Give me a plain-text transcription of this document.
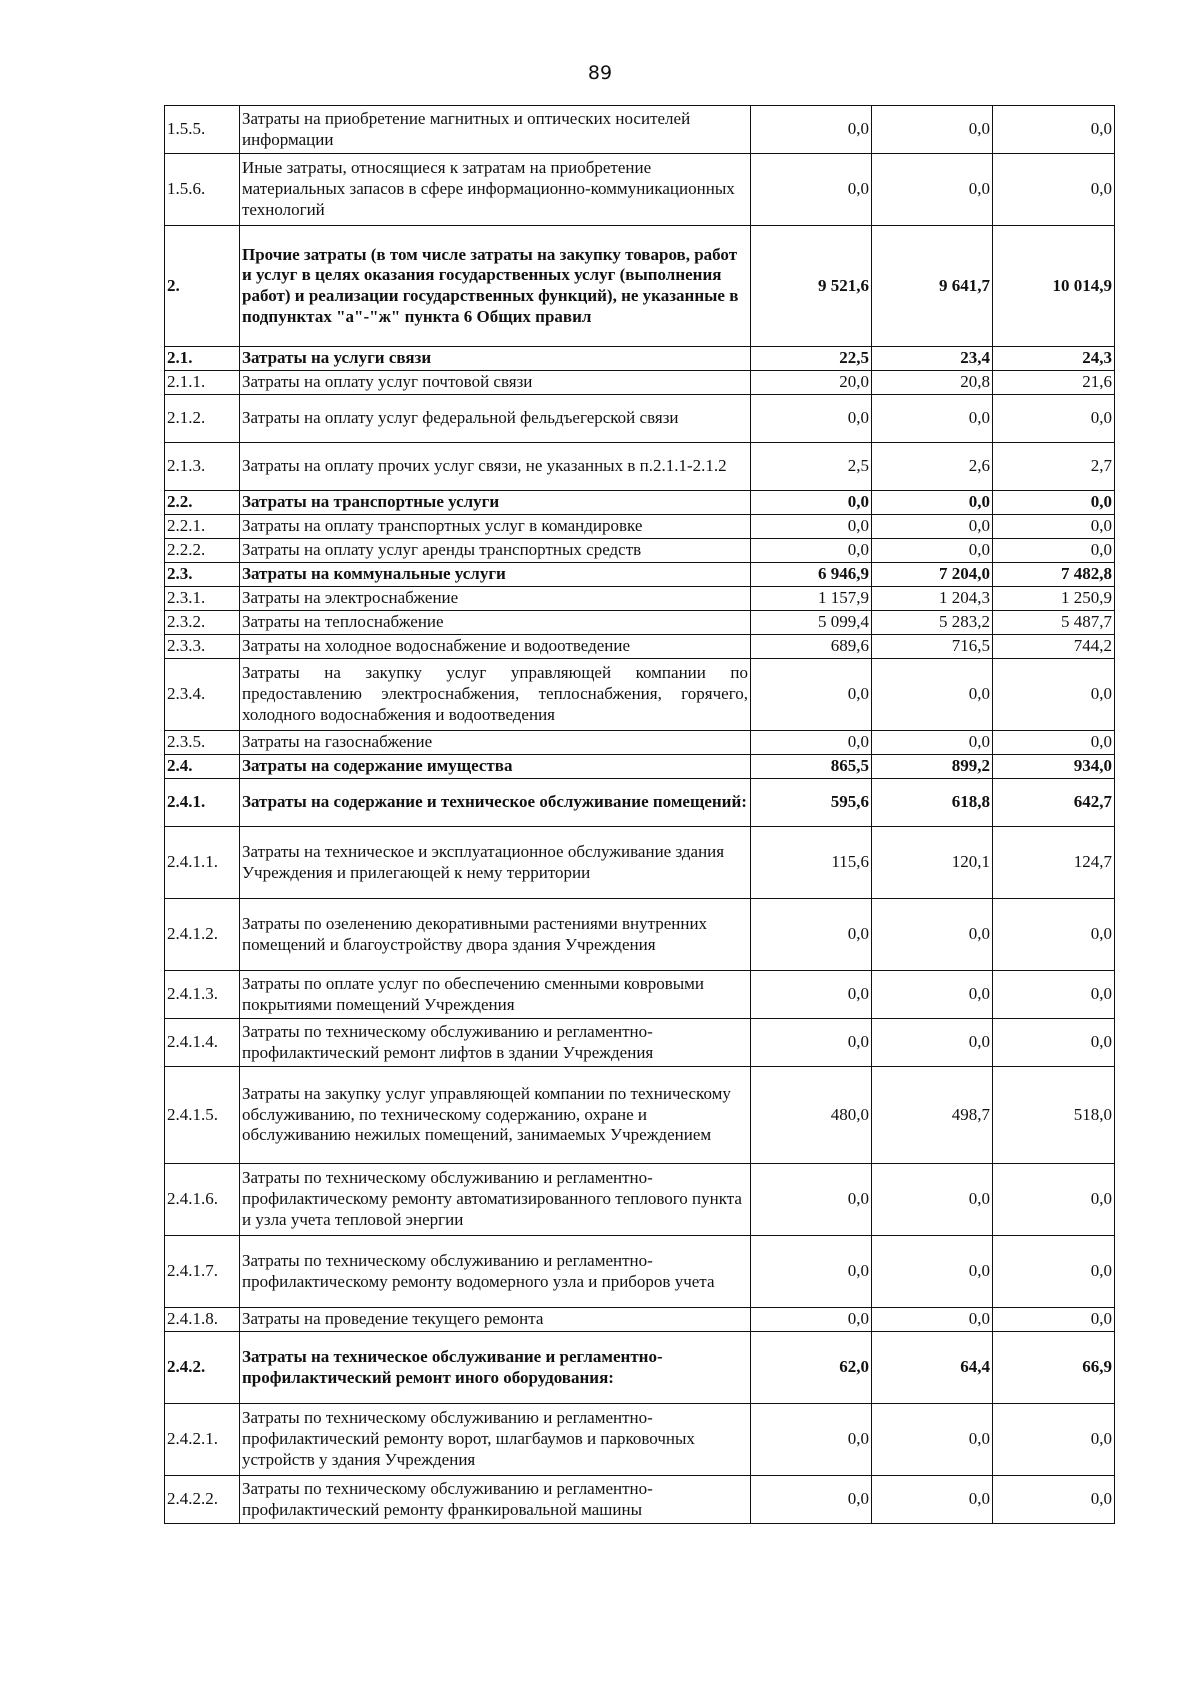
89
1.5.5.	Затраты на приобретение магнитных и оптических носителей информации	0,0	0,0	0,0
1.5.6.	Иные затраты, относящиеся к затратам на приобретение материальных запасов в сфере информационно-коммуникационных технологий	0,0	0,0	0,0
2.	Прочие затраты (в том числе затраты на закупку товаров, работ и услуг в целях оказания государственных услуг (выполнения работ) и реализации государственных функций), не указанные в подпунктах "а"-"ж" пункта 6 Общих правил	9 521,6	9 641,7	10 014,9
2.1.	Затраты на услуги связи	22,5	23,4	24,3
2.1.1.	Затраты на оплату услуг почтовой связи	20,0	20,8	21,6
2.1.2.	Затраты на оплату услуг федеральной фельдъегерской связи	0,0	0,0	0,0
2.1.3.	Затраты на оплату прочих услуг связи, не указанных в п.2.1.1-2.1.2	2,5	2,6	2,7
2.2.	Затраты на транспортные услуги	0,0	0,0	0,0
2.2.1.	Затраты на оплату транспортных услуг в командировке	0,0	0,0	0,0
2.2.2.	Затраты на оплату услуг аренды транспортных средств	0,0	0,0	0,0
2.3.	Затраты на коммунальные услуги	6 946,9	7 204,0	7 482,8
2.3.1.	Затраты на электроснабжение	1 157,9	1 204,3	1 250,9
2.3.2.	Затраты на теплоснабжение	5 099,4	5 283,2	5 487,7
2.3.3.	Затраты на холодное водоснабжение и водоотведение	689,6	716,5	744,2
2.3.4.	Затраты на закупку услуг управляющей компании по предоставлению электроснабжения, теплоснабжения, горячего, холодного водоснабжения и водоотведения	0,0	0,0	0,0
2.3.5.	Затраты на газоснабжение	0,0	0,0	0,0
2.4.	Затраты на содержание имущества	865,5	899,2	934,0
2.4.1.	Затраты на содержание и техническое обслуживание помещений:	595,6	618,8	642,7
2.4.1.1.	Затраты на техническое и эксплуатационное обслуживание здания Учреждения и прилегающей к нему территории	115,6	120,1	124,7
2.4.1.2.	Затраты по озеленению декоративными растениями внутренних помещений и благоустройству двора здания Учреждения	0,0	0,0	0,0
2.4.1.3.	Затраты по оплате услуг по обеспечению сменными ковровыми покрытиями помещений Учреждения	0,0	0,0	0,0
2.4.1.4.	Затраты по техническому обслуживанию и регламентно-профилактический ремонт лифтов в здании Учреждения	0,0	0,0	0,0
2.4.1.5.	Затраты на закупку услуг управляющей компании по техническому обслуживанию, по техническому содержанию, охране и обслуживанию нежилых помещений, занимаемых Учреждением	480,0	498,7	518,0
2.4.1.6.	Затраты по техническому обслуживанию и регламентно-профилактическому ремонту автоматизированного теплового пункта и узла учета тепловой энергии	0,0	0,0	0,0
2.4.1.7.	Затраты по техническому обслуживанию и регламентно-профилактическому ремонту водомерного узла и приборов учета	0,0	0,0	0,0
2.4.1.8.	Затраты на проведение текущего ремонта	0,0	0,0	0,0
2.4.2.	Затраты на техническое обслуживание и регламентно-профилактический ремонт иного оборудования:	62,0	64,4	66,9
2.4.2.1.	Затраты по техническому обслуживанию и регламентно-профилактический ремонту ворот, шлагбаумов и парковочных устройств у здания Учреждения	0,0	0,0	0,0
2.4.2.2.	Затраты по техническому обслуживанию и регламентно-профилактический ремонту франкировальной машины	0,0	0,0	0,0
